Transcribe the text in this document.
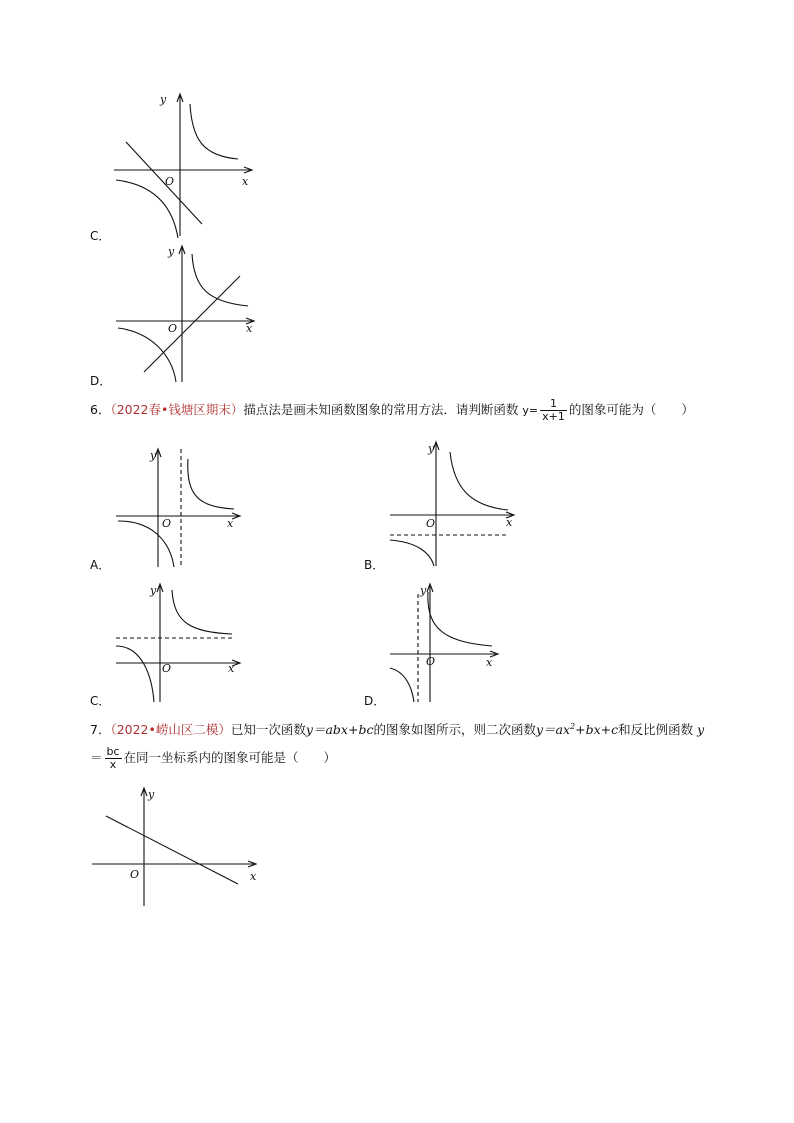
y
x
O
C．
y
x
O
D．
6．（2022春•钱塘区期末）描点法是画未知函数图象的常用方法．请判断函数 $y= \frac{1}{x+1}$ 的图象可能为（　　）
y
x
O
A．
y
x
O
B．
y
x
O
C．
y
x
O
D．
7．（2022•崂山区二模）已知一次函数y＝abx+bc的图象如图所示，则二次函数$y=ax^2+bx+c$和反比例函数 y
＝ $\frac{bc}{x}$ 在同一坐标系内的图象可能是（　　）
y
x
O
